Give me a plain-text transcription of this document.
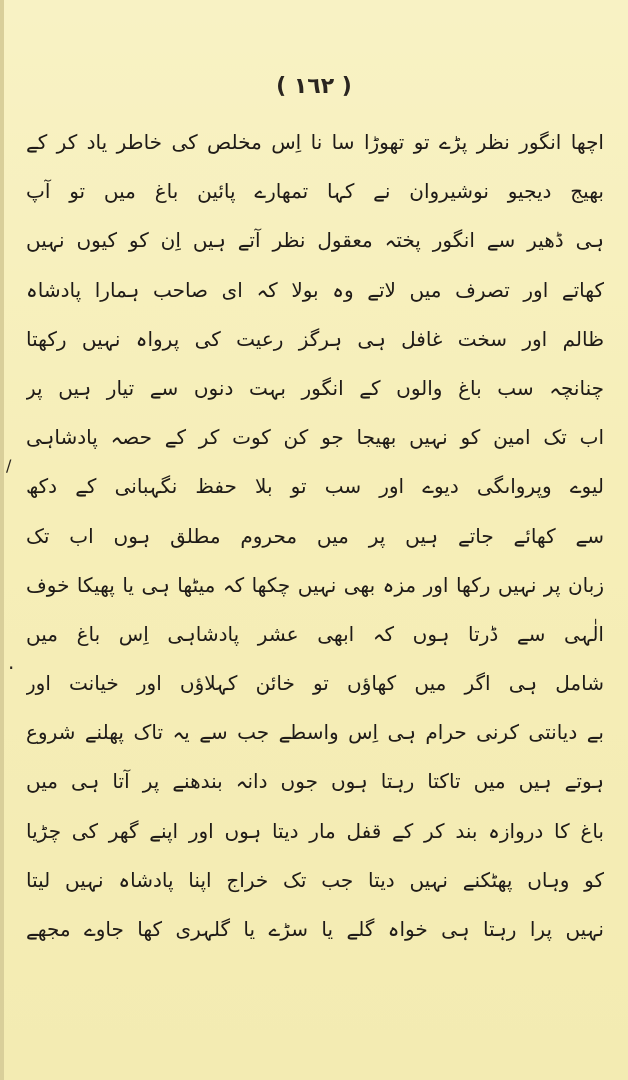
( ١٦٢ )
/
.
اچھا انگور نظر پڑے تو تھوڑا سا نا اِس مخلص کی خاطر یاد کر کے
بھیج دیجیو نوشیروان نے کہا تمھارے پائین باغ میں تو آپ
ہی ڈھیر سے انگور پختہ معقول نظر آتے ہیں اِن کو کیوں نہیں
کھاتے اور تصرف میں لاتے وہ بولا کہ ای صاحب ہمارا پادشاہ
ظالم اور سخت غافل ہی ہرگز رعیت کی پرواہ نہیں رکھتا
چنانچہ سب باغ والوں کے انگور بہت دنوں سے تیار ہیں پر
اب تک امین کو نہیں بھیجا جو کن کوت کر کے حصہ پادشاہی
لیوے وپرواںگی دیوے اور سب تو بلا حفظ نگہبانی کے دکھ
سے کھائے جاتے ہیں پر میں محروم مطلق ہوں اب تک
زبان پر نہیں رکھا اور مزہ بھی نہیں چکھا کہ میٹھا ہی یا پھیکا خوف
الٰہی سے ڈرتا ہوں کہ ابھی عشر پادشاہی اِس باغ میں
شامل ہی اگر میں کھاؤں تو خائن کہلاؤں اور خیانت اور
بے دیانتی کرنی حرام ہی اِس واسطے جب سے یہ تاک پھلنے شروع
ہوتے ہیں میں تاکتا رہتا ہوں جوں دانہ بندھنے پر آتا ہی میں
باغ کا دروازہ بند کر کے قفل مار دیتا ہوں اور اپنے گھر کی چڑیا
کو وہاں پھٹکنے نہیں دیتا جب تک خراج اپنا پادشاہ نہیں لیتا
نہیں پرا رہتا ہی خواہ گلے یا سڑے یا گلہری کھا جاوے مجھے
